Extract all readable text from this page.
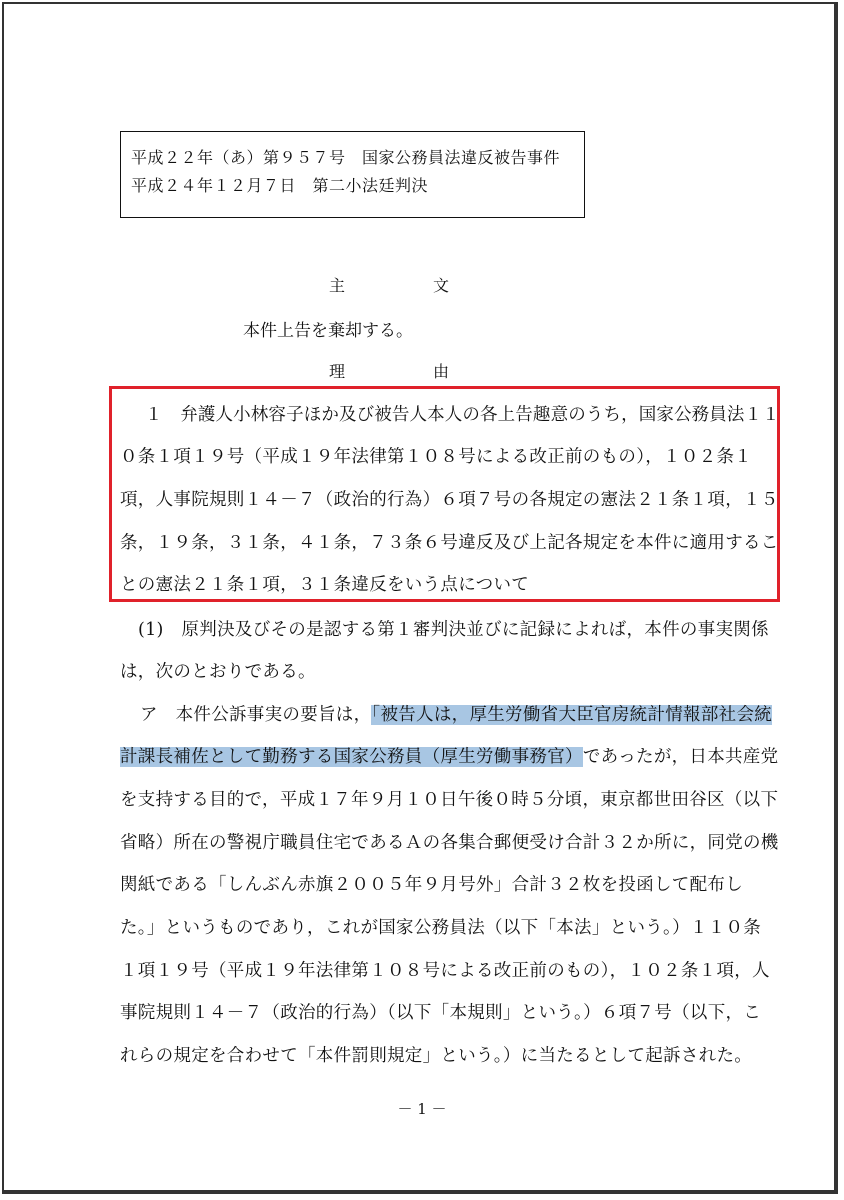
平成２２年（あ）第９５７号　国家公務員法違反被告事件
平成２４年１２月７日　第二小法廷判決
主	文
本件上告を棄却する。
理	由
１　弁護人小林容子ほか及び被告人本人の各上告趣意のうち，国家公務員法１１
０条１項１９号（平成１９年法律第１０８号による改正前のもの），１０２条１
項，人事院規則１４－７（政治的行為）６項７号の各規定の憲法２１条１項，１５
条，１９条，３１条，４１条，７３条６号違反及び上記各規定を本件に適用するこ
との憲法２１条１項，３１条違反をいう点について
(1)　原判決及びその是認する第１審判決並びに記録によれば，本件の事実関係
は，次のとおりである。
ア　本件公訴事実の要旨は，「被告人は，厚生労働省大臣官房統計情報部社会統
計課長補佐として勤務する国家公務員（厚生労働事務官）であったが，日本共産党
を支持する目的で，平成１７年９月１０日午後０時５分頃，東京都世田谷区（以下
省略）所在の警視庁職員住宅であるＡの各集合郵便受け合計３２か所に，同党の機
関紙である「しんぶん赤旗２００５年９月号外」合計３２枚を投函して配布し
た。」というものであり，これが国家公務員法（以下「本法」という。）１１０条
１項１９号（平成１９年法律第１０８号による改正前のもの），１０２条１項，人
事院規則１４－７（政治的行為）（以下「本規則」という。）６項７号（以下，こ
れらの規定を合わせて「本件罰則規定」という。）に当たるとして起訴された。
－ 1 －
